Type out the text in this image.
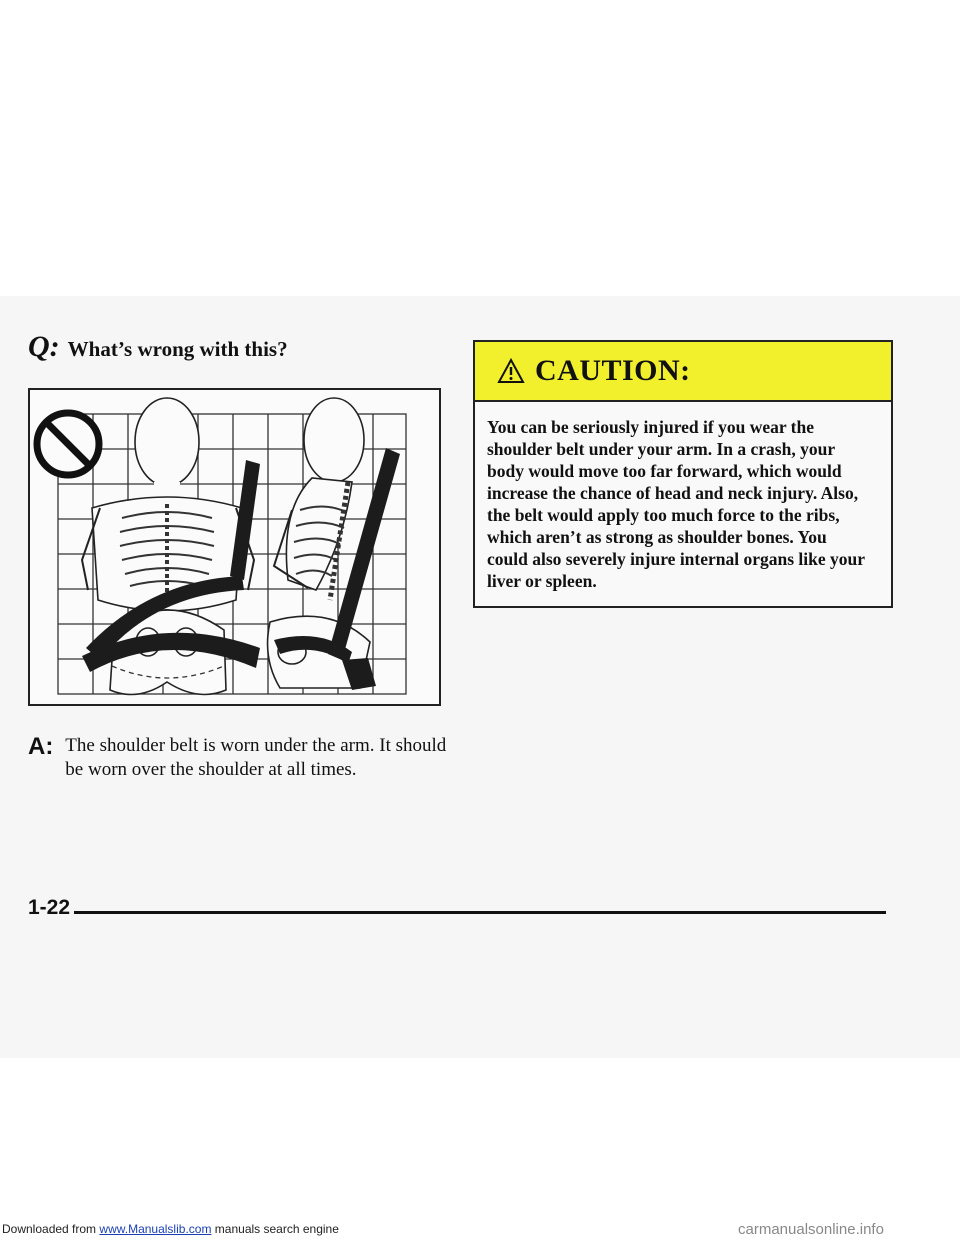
Q: What’s wrong with this?
A: The shoulder belt is worn under the arm. It should be worn over the shoulder at all times.
CAUTION:
You can be seriously injured if you wear the shoulder belt under your arm. In a crash, your body would move too far forward, which would increase the chance of head and neck injury. Also, the belt would apply too much force to the ribs, which aren’t as strong as shoulder bones. You could also severely injure internal organs like your liver or spleen.
1-22
Downloaded from www.Manualslib.com manuals search engine	carmanualsonline.info
